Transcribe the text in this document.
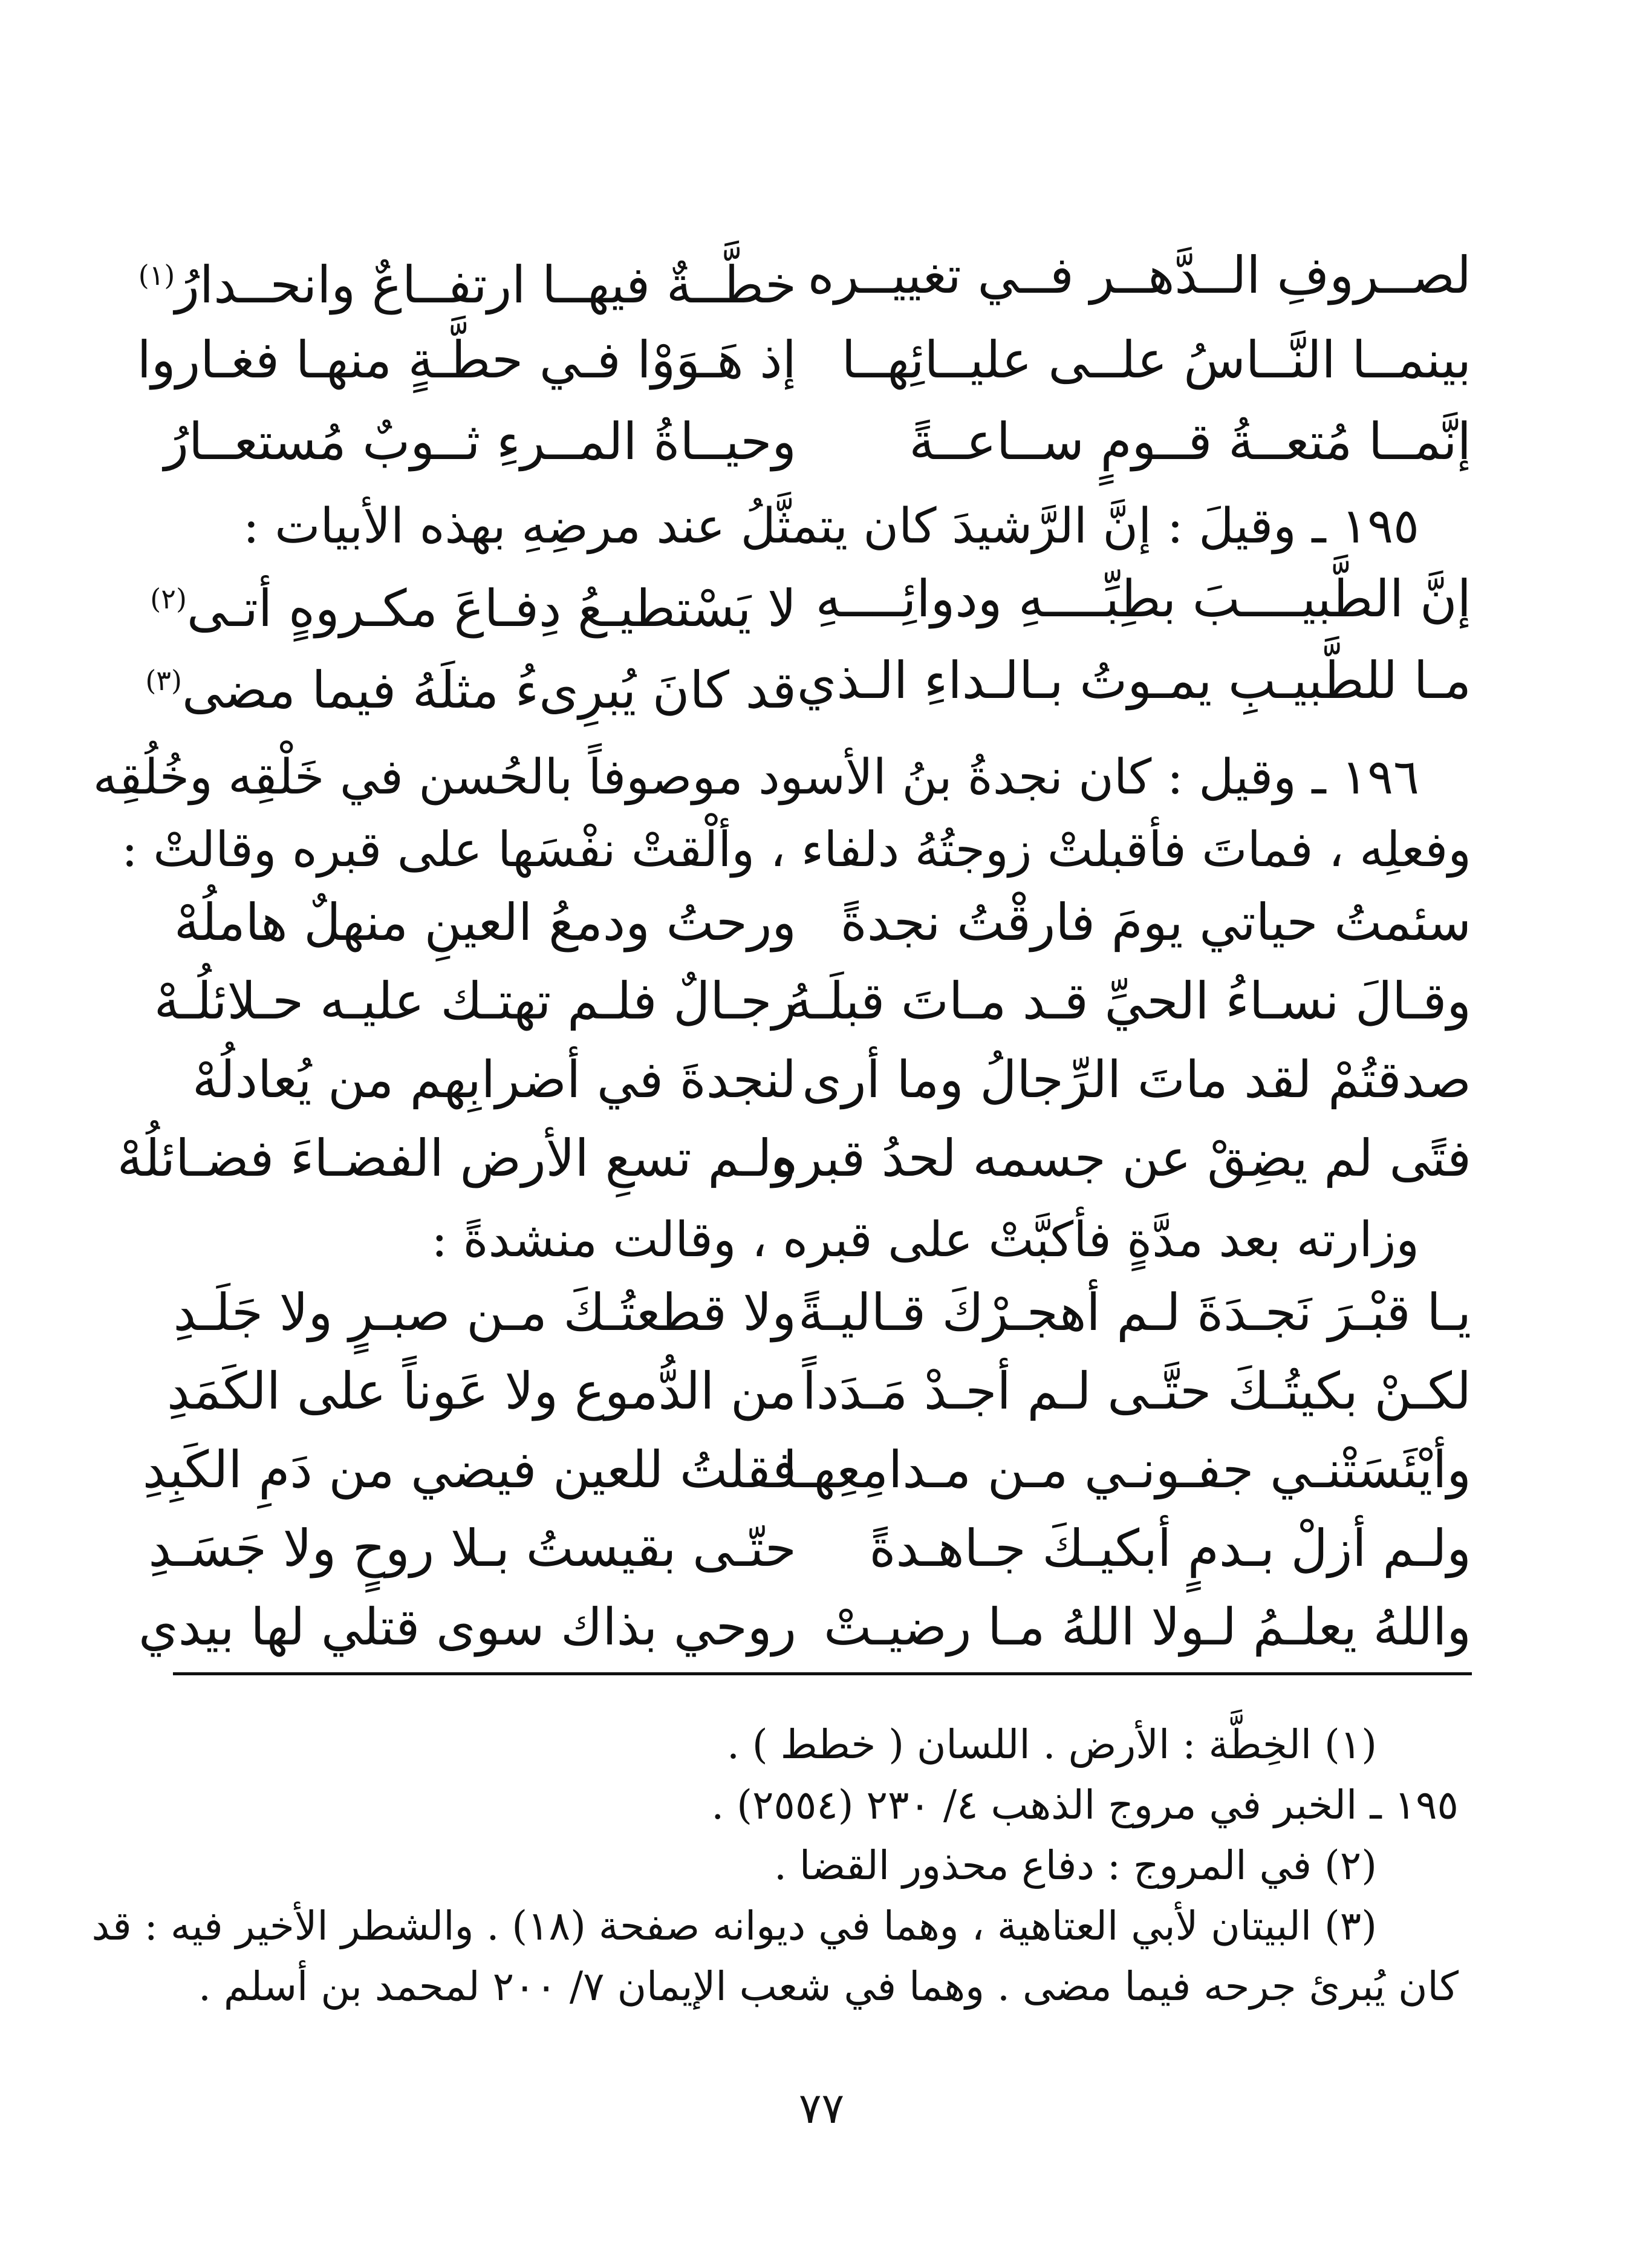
لصــروفِ الــدَّهــر فــي تغييــره
خطَّــةٌ فيهــا ارتفــاعٌ وانحــدارُ$^{(١)}$
بينمــا النَّــاسُ علــى عليــائِهــا
إذ هَـوَوْا فـي حطَّـةٍ منهـا فغـاروا
إنَّمــا مُتعــةُ قــومٍ ســاعــةً
وحيــاةُ المــرءِ ثــوبٌ مُستعــارُ
١٩٥ ـ وقيلَ : إنَّ الرَّشيدَ كان يتمثَّلُ عند مرضِهِ بهذه الأبيات :
إنَّ الطَّبيــــبَ بطِبِّــــهِ ودوائِــــهِ
لا يَسْتطيـعُ دِفـاعَ مكـروهٍ أتـى$^{(٢)}$
مـا للطَّبيـبِ يمـوتُ بـالـداءِ الـذي
قد كانَ يُبرِىءُ مثلَهُ فيما مضى$^{(٣)}$
١٩٦ ـ وقيل : كان نجدةُ بنُ الأسود موصوفاً بالحُسن في خَلْقِه وخُلُقِه
وفعلِه ، فماتَ فأقبلتْ زوجتُهُ دلفاء ، وألْقتْ نفْسَها على قبره وقالتْ :
سئمتُ حياتي يومَ فارقْتُ نجدةً
ورحتُ ودمعُ العينِ منهلٌ هاملُهْ
وقـالَ نسـاءُ الحيِّ قـد مـاتَ قبلَـهُ
رجـالٌ فلـم تهتـك عليـه حـلائلُـهْ
صدقتُمْ لقد ماتَ الرِّجالُ وما أرى
لنجدةَ في أضرابِهم من يُعادلُهْ
فتًى لم يضِقْ عن جسمه لحدُ قبره
ولـم تسعِ الأرض الفضـاءَ فضـائلُهْ
وزارته بعد مدَّةٍ فأكبَّتْ على قبره ، وقالت منشدةً :
يـا قبْـرَ نَجـدَةَ لـم أهجـرْكَ قـاليـةً
ولا قطعتُـكَ مـن صبـرٍ ولا جَلَـدِ
لكـنْ بكيتُـكَ حتَّـى لـم أجـدْ مَـدَداً
من الدُّموع ولا عَوناً على الكَمَدِ
وأيْئَسَتْنـي جفـونـي مـن مـدامِعِهـا
فقلتُ للعين فيضي من دَمِ الكَبِدِ
ولـم أزلْ بـدمٍ أبكيـكَ جـاهـدةً
حتّـى بقيستُ بـلا روحٍ ولا جَسَـدِ
واللهُ يعلـمُ لـولا اللهُ مـا رضيـتْ
روحي بذاك سوى قتلي لها بيدي
(١) الخِطَّة : الأرض . اللسان ( خطط ) .
١٩٥ ـ الخبر في مروج الذهب ٤/ ٢٣٠ (٢٥٥٤) .
(٢) في المروج : دفاع محذور القضا .
(٣) البيتان لأبي العتاهية ، وهما في ديوانه صفحة (١٨) . والشطر الأخير فيه : قد
كان يُبرئ جرحه فيما مضى . وهما في شعب الإيمان ٧/ ٢٠٠ لمحمد بن أسلم .
٧٧
